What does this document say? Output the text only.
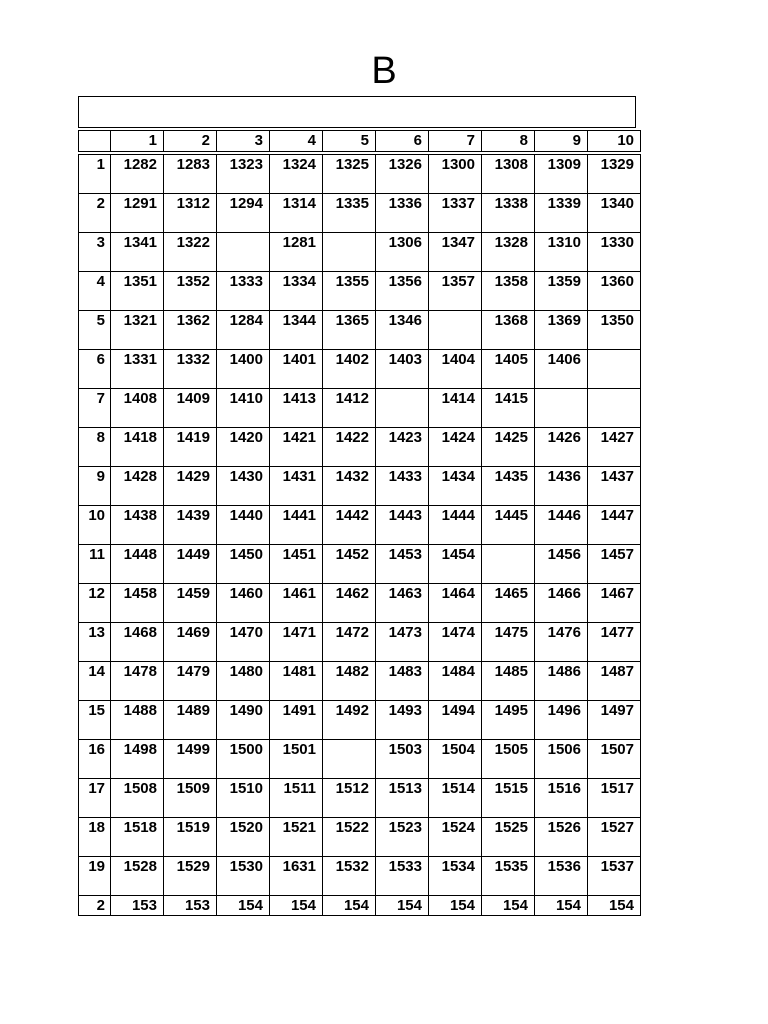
B
	1	2	3	4	5	6	7	8	9	10

1	1282	1283	1323	1324	1325	1326	1300	1308	1309	1329
2	1291	1312	1294	1314	1335	1336	1337	1338	1339	1340
3	1341	1322		1281		1306	1347	1328	1310	1330
4	1351	1352	1333	1334	1355	1356	1357	1358	1359	1360
5	1321	1362	1284	1344	1365	1346		1368	1369	1350
6	1331	1332	1400	1401	1402	1403	1404	1405	1406	
7	1408	1409	1410	1413	1412		1414	1415		
8	1418	1419	1420	1421	1422	1423	1424	1425	1426	1427
9	1428	1429	1430	1431	1432	1433	1434	1435	1436	1437
10	1438	1439	1440	1441	1442	1443	1444	1445	1446	1447
11	1448	1449	1450	1451	1452	1453	1454		1456	1457
12	1458	1459	1460	1461	1462	1463	1464	1465	1466	1467
13	1468	1469	1470	1471	1472	1473	1474	1475	1476	1477
14	1478	1479	1480	1481	1482	1483	1484	1485	1486	1487
15	1488	1489	1490	1491	1492	1493	1494	1495	1496	1497
16	1498	1499	1500	1501		1503	1504	1505	1506	1507
17	1508	1509	1510	1511	1512	1513	1514	1515	1516	1517
18	1518	1519	1520	1521	1522	1523	1524	1525	1526	1527
19	1528	1529	1530	1631	1532	1533	1534	1535	1536	1537
2	153	153	154	154	154	154	154	154	154	154
